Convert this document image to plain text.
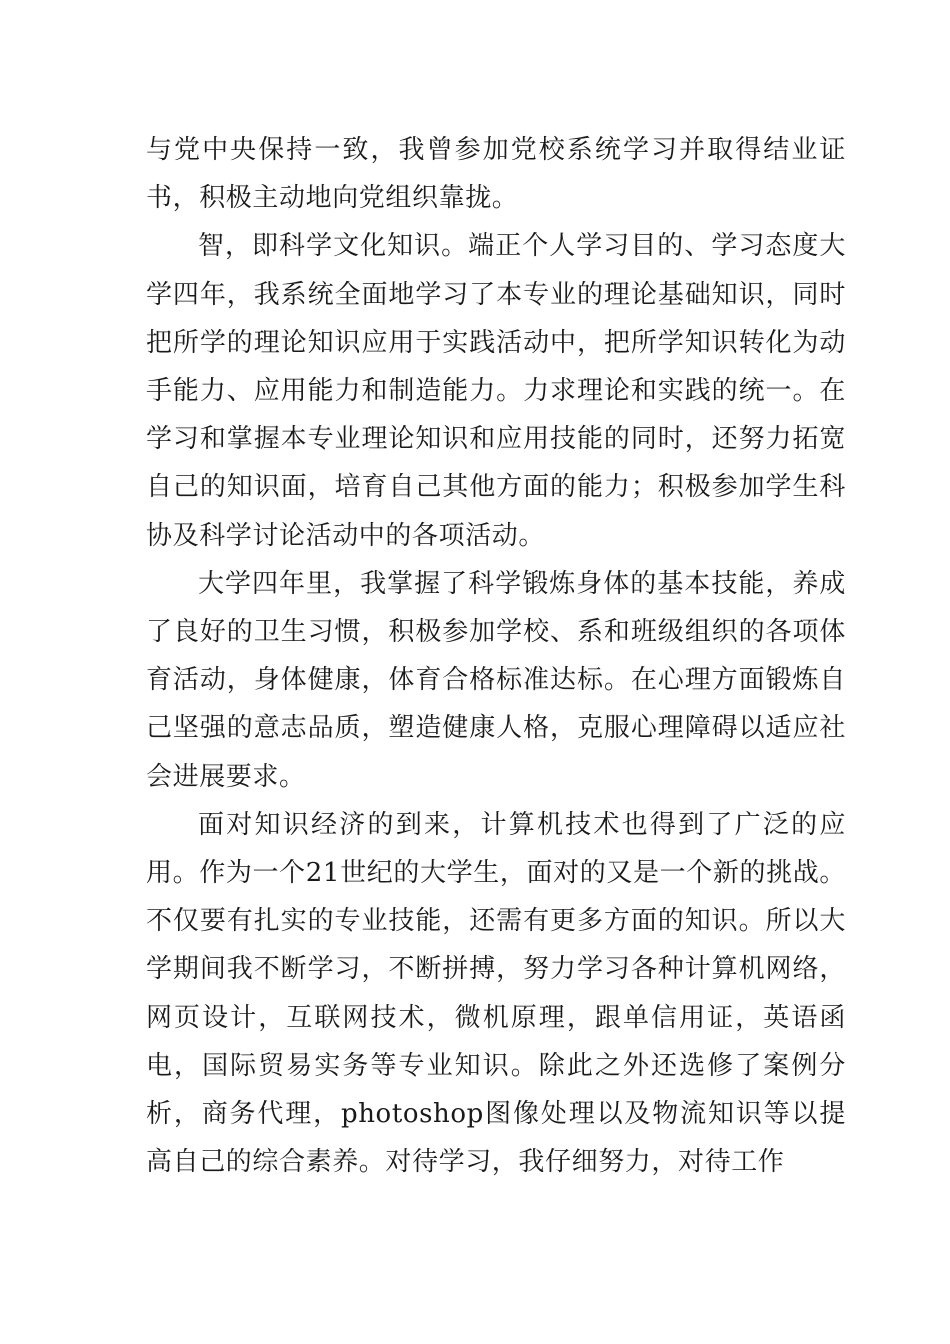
与党中央保持一致，我曾参加党校系统学习并取得结业证书，积极主动地向党组织靠拢。

智，即科学文化知识。端正个人学习目的、学习态度大学四年，我系统全面地学习了本专业的理论基础知识，同时把所学的理论知识应用于实践活动中，把所学知识转化为动手能力、应用能力和制造能力。力求理论和实践的统一。在学习和掌握本专业理论知识和应用技能的同时，还努力拓宽自己的知识面，培育自己其他方面的能力；积极参加学生科协及科学讨论活动中的各项活动。

大学四年里，我掌握了科学锻炼身体的基本技能，养成了良好的卫生习惯，积极参加学校、系和班级组织的各项体育活动，身体健康，体育合格标准达标。在心理方面锻炼自己坚强的意志品质，塑造健康人格，克服心理障碍以适应社会进展要求。

面对知识经济的到来，计算机技术也得到了广泛的应用。作为一个21世纪的大学生，面对的又是一个新的挑战。不仅要有扎实的专业技能，还需有更多方面的知识。所以大学期间我不断学习，不断拼搏，努力学习各种计算机网络，网页设计，互联网技术，微机原理，跟单信用证，英语函电，国际贸易实务等专业知识。除此之外还选修了案例分析，商务代理，photoshop图像处理以及物流知识等以提高自己的综合素养。对待学习，我仔细努力，对待工作
